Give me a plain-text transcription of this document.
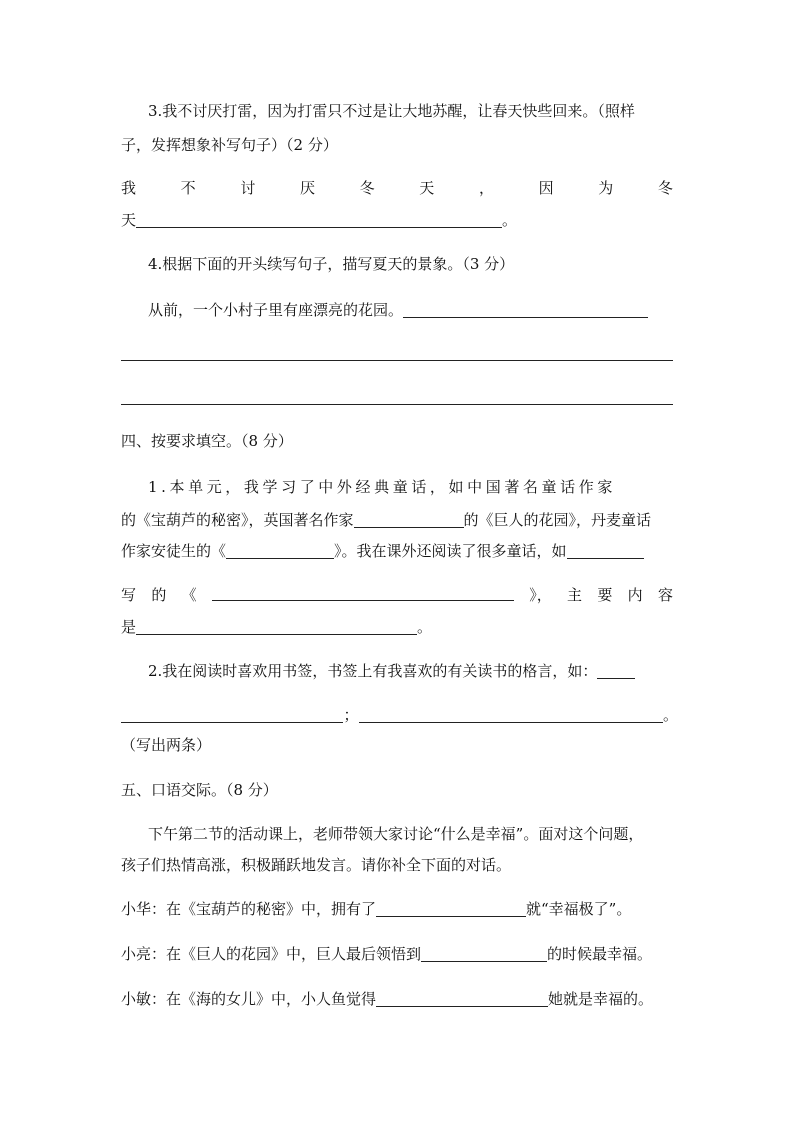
3.我不讨厌打雷，因为打雷只不过是让大地苏醒，让春天快些回来。（照样
子，发挥想象补写句子）（2 分）
我	不	讨	厌	冬	天	，	因	为	冬
天	。
4.根据下面的开头续写句子，描写夏天的景象。（3 分）
从前，一个小村子里有座漂亮的花园。
四、按要求填空。（8 分）
1.本单元，我学习了中外经典童话，如中国著名童话作家
的《宝葫芦的秘密》，英国著名作家	的《巨人的花园》，丹麦童话
作家安徒生的《	》。我在课外还阅读了很多童话，如
写 的 《	》， 主 要 内 容
是	。
2.我在阅读时喜欢用书签，书签上有我喜欢的有关读书的格言，如：
；	。
（写出两条）
五、口语交际。（8 分）
下午第二节的活动课上，老师带领大家讨论“什么是幸福”。面对这个问题，
孩子们热情高涨，积极踊跃地发言。请你补全下面的对话。
小华：在《宝葫芦的秘密》中，拥有了	就“幸福极了”。
小亮：在《巨人的花园》中，巨人最后领悟到	的时候最幸福。
小敏：在《海的女儿》中，小人鱼觉得	她就是幸福的。
